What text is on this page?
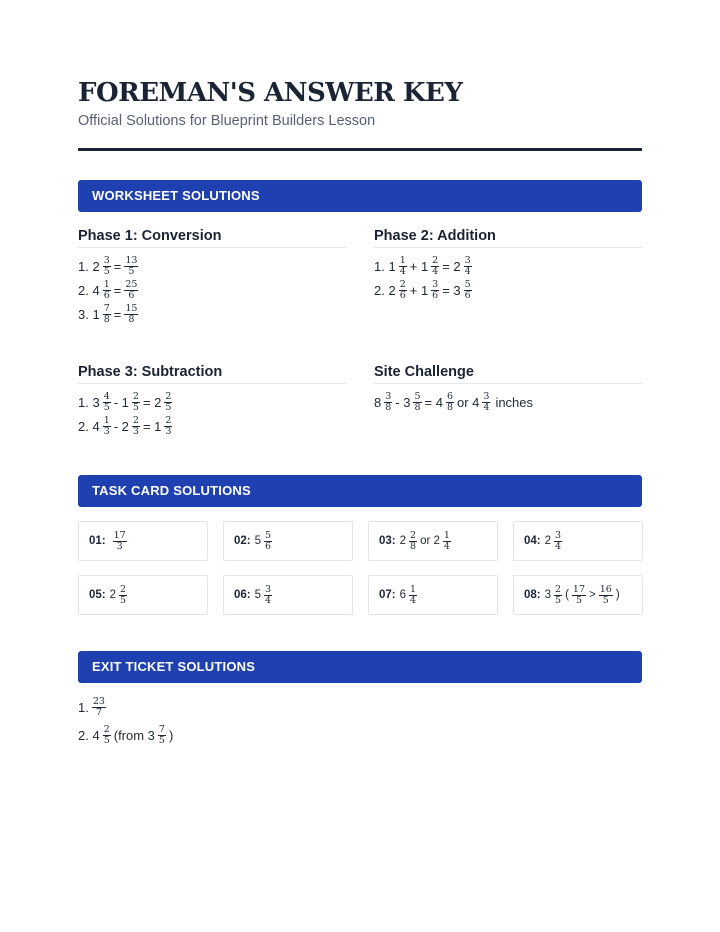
FOREMAN'S ANSWER KEY
Official Solutions for Blueprint Builders Lesson
WORKSHEET SOLUTIONS
Phase 1: Conversion
1. $2 \frac{3}{5} = \frac{13}{5}$
2. $4 \frac{1}{6} = \frac{25}{6}$
3. $1 \frac{7}{8} = \frac{15}{8}$
Phase 2: Addition
1. $1 \frac{1}{4} + 1 \frac{2}{4} = 2 \frac{3}{4}$
2. $2 \frac{2}{6} + 1 \frac{3}{6} = 3 \frac{5}{6}$
Phase 3: Subtraction
1. $3 \frac{4}{5} - 1 \frac{2}{5} = 2 \frac{2}{5}$
2. $4 \frac{1}{3} - 2 \frac{2}{3} = 1 \frac{2}{3}$
Site Challenge
$8 \frac{3}{8} - 3 \frac{5}{8} = 4 \frac{6}{8}$ or $4 \frac{3}{4}$ inches
TASK CARD SOLUTIONS
01: $\frac{17}{3}$	02: $5 \frac{5}{6}$	03: $2 \frac{2}{8}$ or $2 \frac{1}{4}$	04: $2 \frac{3}{4}$
05: $2 \frac{2}{5}$	06: $5 \frac{3}{4}$	07: $6 \frac{1}{4}$	08: $3 \frac{2}{5}$ ( $\frac{17}{5} > \frac{16}{5}$ )
EXIT TICKET SOLUTIONS
1. $\frac{23}{7}$
2. $4 \frac{2}{5}$ (from $3 \frac{7}{5}$ )
